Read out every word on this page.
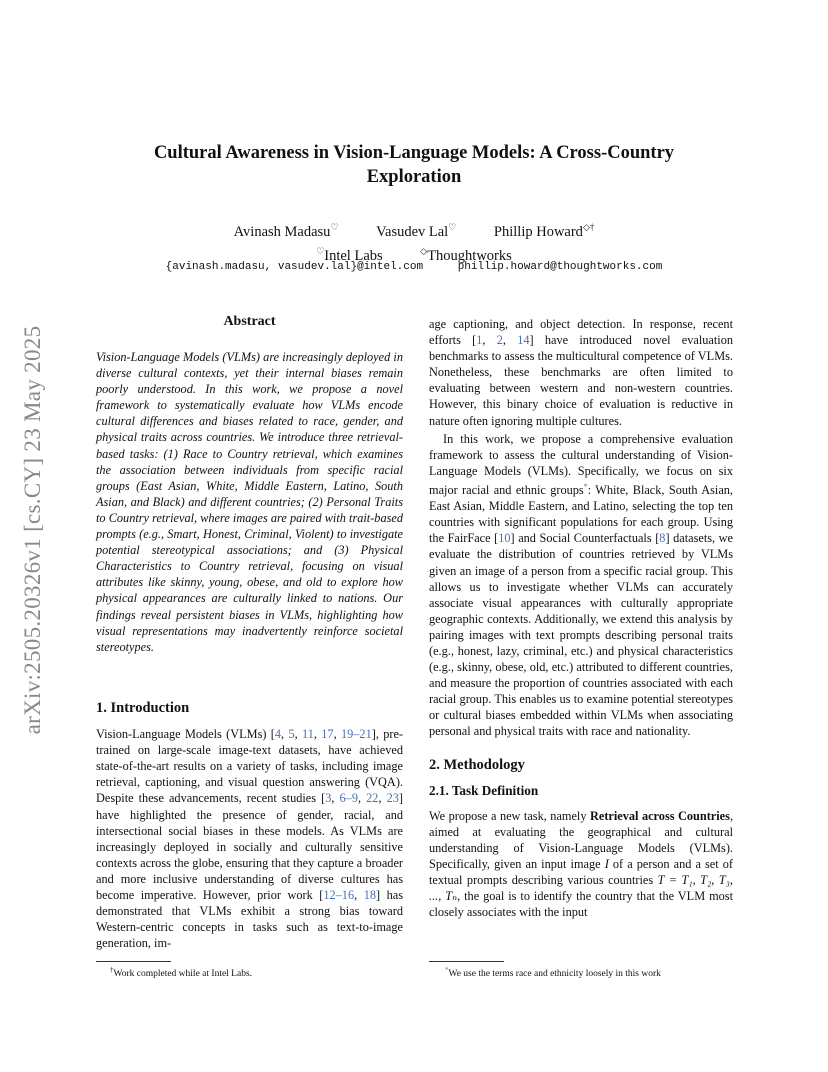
arXiv:2505.20326v1 [cs.CY] 23 May 2025
Cultural Awareness in Vision-Language Models: A Cross-Country
Exploration
Avinash Madasu♡	Vasudev Lal♡	Phillip Howard◇†
♡Intel Labs	◇Thoughtworks
{avinash.madasu, vasudev.lal}@intel.com	phillip.howard@thoughtworks.com
Abstract

Vision-Language Models (VLMs) are increasingly deployed in diverse cultural contexts, yet their internal biases remain poorly understood. In this work, we propose a novel framework to systematically evaluate how VLMs encode cultural differences and biases related to race, gender, and physical traits across countries. We introduce three retrieval-based tasks: (1) Race to Country retrieval, which examines the association between individuals from specific racial groups (East Asian, White, Middle Eastern, Latino, South Asian, and Black) and different countries; (2) Personal Traits to Country retrieval, where images are paired with trait-based prompts (e.g., Smart, Honest, Criminal, Violent) to investigate potential stereotypical associations; and (3) Physical Characteristics to Country retrieval, focusing on visual attributes like skinny, young, obese, and old to explore how physical appearances are culturally linked to nations. Our findings reveal persistent biases in VLMs, highlighting how visual representations may inadvertently reinforce societal stereotypes.

1. Introduction

Vision-Language Models (VLMs) [4, 5, 11, 17, 19–21], pre-trained on large-scale image-text datasets, have achieved state-of-the-art results on a variety of tasks, including image retrieval, captioning, and visual question answering (VQA). Despite these advancements, recent studies [3, 6–9, 22, 23] have highlighted the presence of gender, racial, and intersectional social biases in these models. As VLMs are increasingly deployed in socially and culturally sensitive contexts across the globe, ensuring that they capture a broader and more inclusive understanding of diverse cultures has become imperative. However, prior work [12–16, 18] has demonstrated that VLMs exhibit a strong bias toward Western-centric concepts in tasks such as text-to-image generation, im-

†Work completed while at Intel Labs.

age captioning, and object detection. In response, recent efforts [1, 2, 14] have introduced novel evaluation benchmarks to assess the multicultural competence of VLMs. Nonetheless, these benchmarks are often limited to evaluating between western and non-western countries. However, this binary choice of evaluation is reductive in nature often ignoring multiple cultures.

In this work, we propose a comprehensive evaluation framework to assess the cultural understanding of Vision-Language Models (VLMs). Specifically, we focus on six major racial and ethnic groups*: White, Black, South Asian, East Asian, Middle Eastern, and Latino, selecting the top ten countries with significant populations for each group. Using the FairFace [10] and Social Counterfactuals [8] datasets, we evaluate the distribution of countries retrieved by VLMs given an image of a person from a specific racial group. This allows us to investigate whether VLMs can accurately associate visual appearances with culturally appropriate geographic contexts. Additionally, we extend this analysis by pairing images with text prompts describing personal traits (e.g., honest, lazy, criminal, etc.) and physical characteristics (e.g., skinny, obese, old, etc.) attributed to different countries, and measure the proportion of countries associated with each racial group. This enables us to examine potential stereotypes or cultural biases embedded within VLMs when associating personal and physical traits with race and nationality.

2. Methodology
2.1. Task Definition

We propose a new task, namely Retrieval across Countries, aimed at evaluating the geographical and cultural understanding of Vision-Language Models (VLMs). Specifically, given an input image I of a person and a set of textual prompts describing various countries T = T₁, T₂, T₃, ..., Tₙ, the goal is to identify the country that the VLM most closely associates with the input

*We use the terms race and ethnicity loosely in this work
